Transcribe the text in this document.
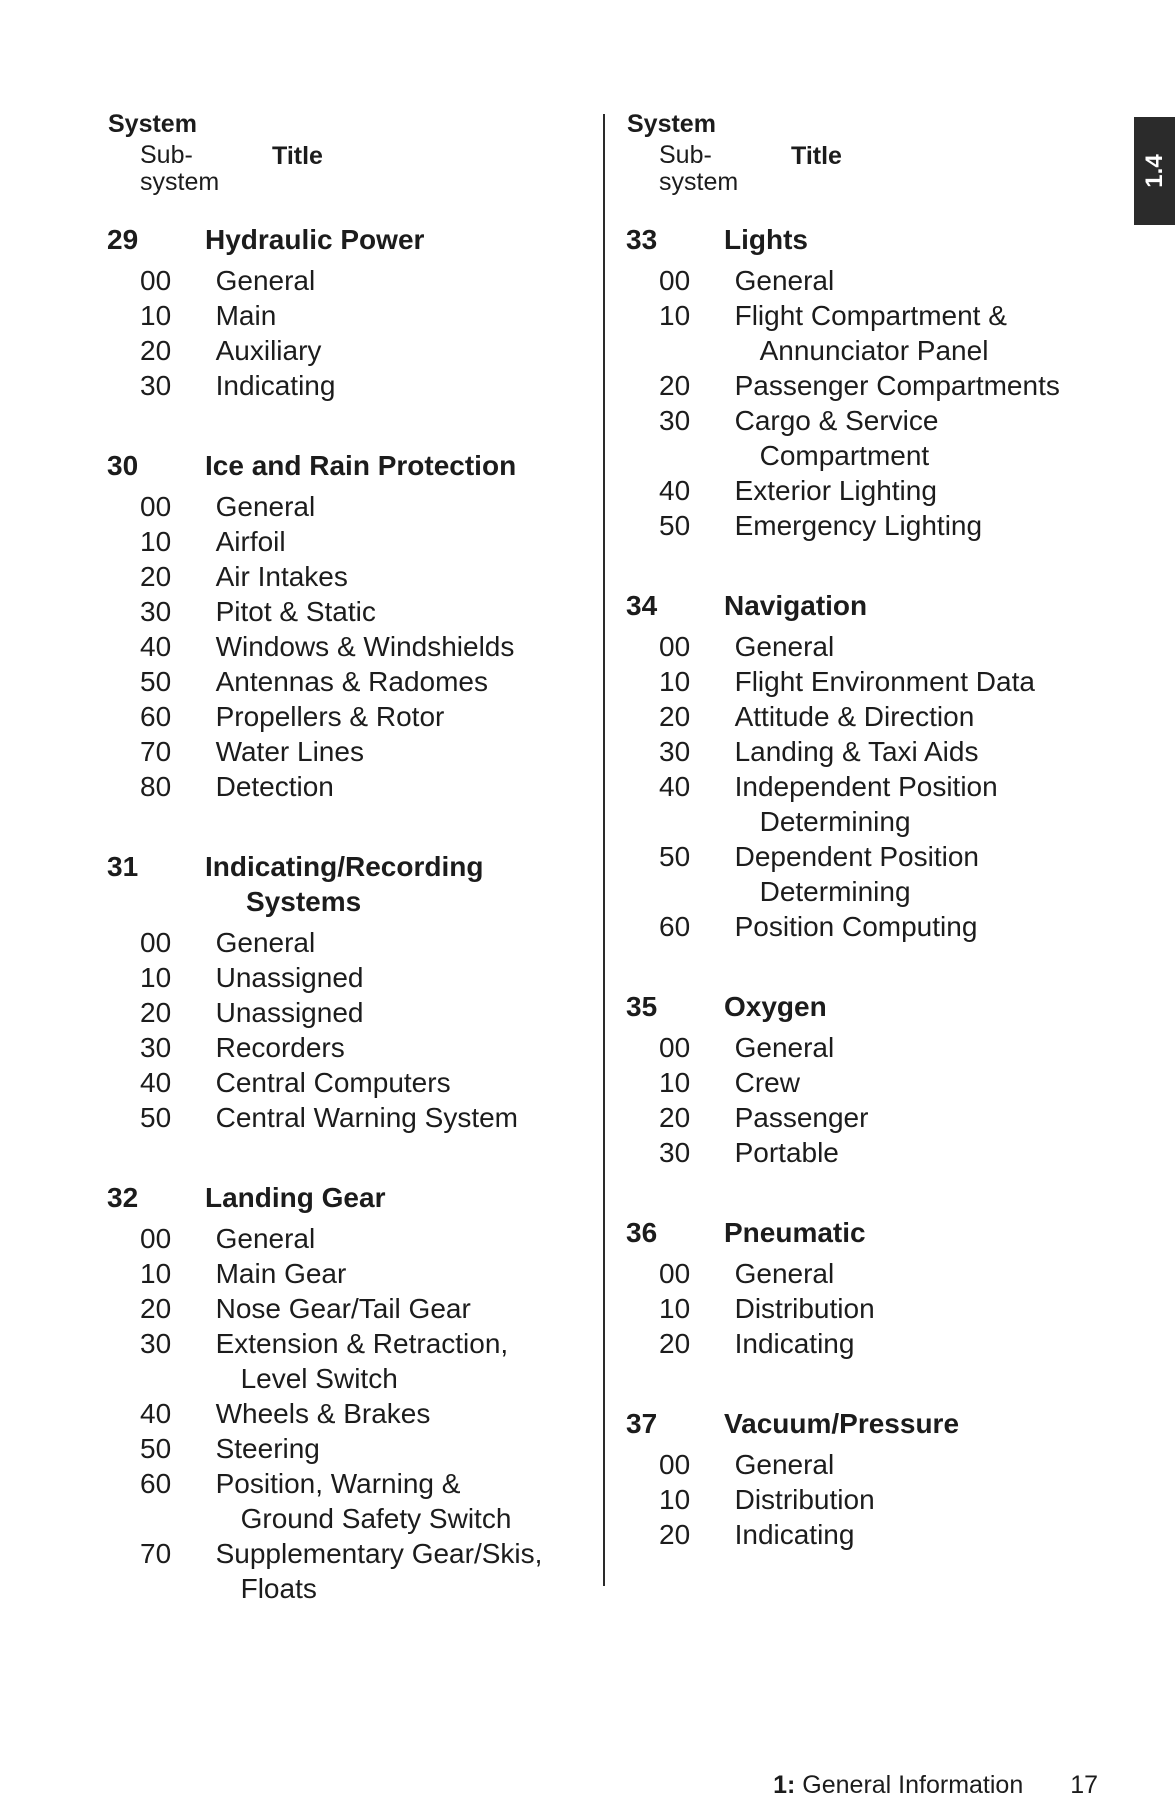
System
Sub-
system
Title
29	Hydraulic Power
00	General
10	Main
20	Auxiliary
30	Indicating
30	Ice and Rain Protection
00	General
10	Airfoil
20	Air Intakes
30	Pitot & Static
40	Windows & Windshields
50	Antennas & Radomes
60	Propellers & Rotor
70	Water Lines
80	Detection
31	Indicating/Recording
Systems
00	General
10	Unassigned
20	Unassigned
30	Recorders
40	Central Computers
50	Central Warning System
32	Landing Gear
00	General
10	Main Gear
20	Nose Gear/Tail Gear
30	Extension & Retraction,
Level Switch
40	Wheels & Brakes
50	Steering
60	Position, Warning &
Ground Safety Switch
70	Supplementary Gear/Skis,
Floats
System
Sub-
system
Title
33	Lights
00	General
10	Flight Compartment &
Annunciator Panel
20	Passenger Compartments
30	Cargo & Service
Compartment
40	Exterior Lighting
50	Emergency Lighting
34	Navigation
00	General
10	Flight Environment Data
20	Attitude & Direction
30	Landing & Taxi Aids
40	Independent Position
Determining
50	Dependent Position
Determining
60	Position Computing
35	Oxygen
00	General
10	Crew
20	Passenger
30	Portable
36	Pneumatic
00	General
10	Distribution
20	Indicating
37	Vacuum/Pressure
00	General
10	Distribution
20	Indicating
1.4
1: General Information 17
